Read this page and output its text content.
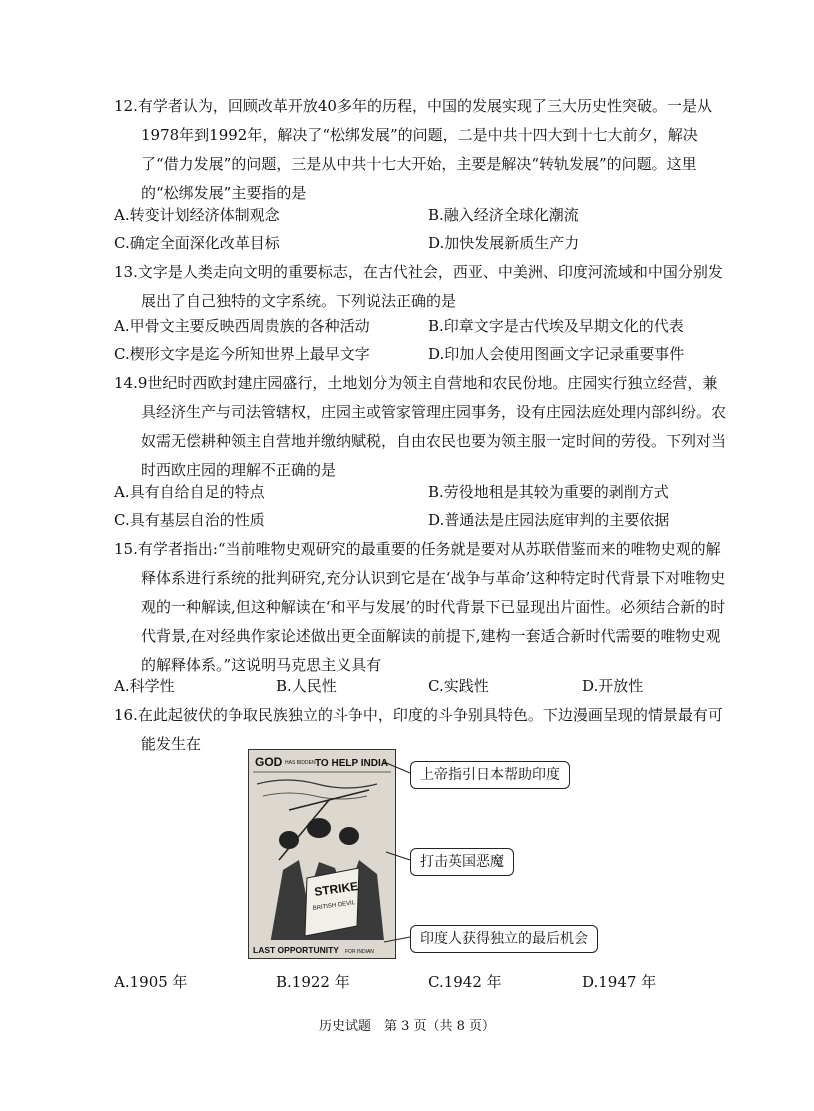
12.有学者认为，回顾改革开放40多年的历程，中国的发展实现了三大历史性突破。一是从1978年到1992年，解决了“松绑发展”的问题，二是中共十四大到十七大前夕，解决了“借力发展”的问题，三是从中共十七大开始，主要是解决“转轨发展”的问题。这里的“松绑发展”主要指的是

A.转变计划经济体制观念	B.融入经济全球化潮流
C.确定全面深化改革目标	D.加快发展新质生产力

13.文字是人类走向文明的重要标志，在古代社会，西亚、中美洲、印度河流域和中国分别发展出了自己独特的文字系统。下列说法正确的是

A.甲骨文主要反映西周贵族的各种活动	B.印章文字是古代埃及早期文化的代表
C.楔形文字是迄今所知世界上最早文字	D.印加人会使用图画文字记录重要事件

14.9世纪时西欧封建庄园盛行，土地划分为领主自营地和农民份地。庄园实行独立经营，兼具经济生产与司法管辖权，庄园主或管家管理庄园事务，设有庄园法庭处理内部纠纷。农奴需无偿耕种领主自营地并缴纳赋税，自由农民也要为领主服一定时间的劳役。下列对当时西欧庄园的理解不正确的是

A.具有自给自足的特点	B.劳役地租是其较为重要的剥削方式
C.具有基层自治的性质	D.普通法是庄园法庭审判的主要依据

15.有学者指出:“当前唯物史观研究的最重要的任务就是要对从苏联借鉴而来的唯物史观的解释体系进行系统的批判研究,充分认识到它是在‘战争与革命’这种特定时代背景下对唯物史观的一种解读,但这种解读在‘和平与发展’的时代背景下已显现出片面性。必须结合新的时代背景,在对经典作家论述做出更全面解读的前提下,建构一套适合新时代需要的唯物史观的解释体系。”这说明马克思主义具有

A.科学性	B.人民性	C.实践性	D.开放性

16.在此起彼伏的争取民族独立的斗争中，印度的斗争别具特色。下边漫画呈现的情景最有可能发生在

GOD HAS BIDDEN TO HELP INDIA
STRIKE
BRITISH DEVIL
LAST OPPORTUNITY FOR INDIAN
上帝指引日本帮助印度
打击英国恶魔
印度人获得独立的最后机会
A.1905 年	B.1922 年	C.1942 年	D.1947 年
历史试题　第 3 页（共 8 页）
